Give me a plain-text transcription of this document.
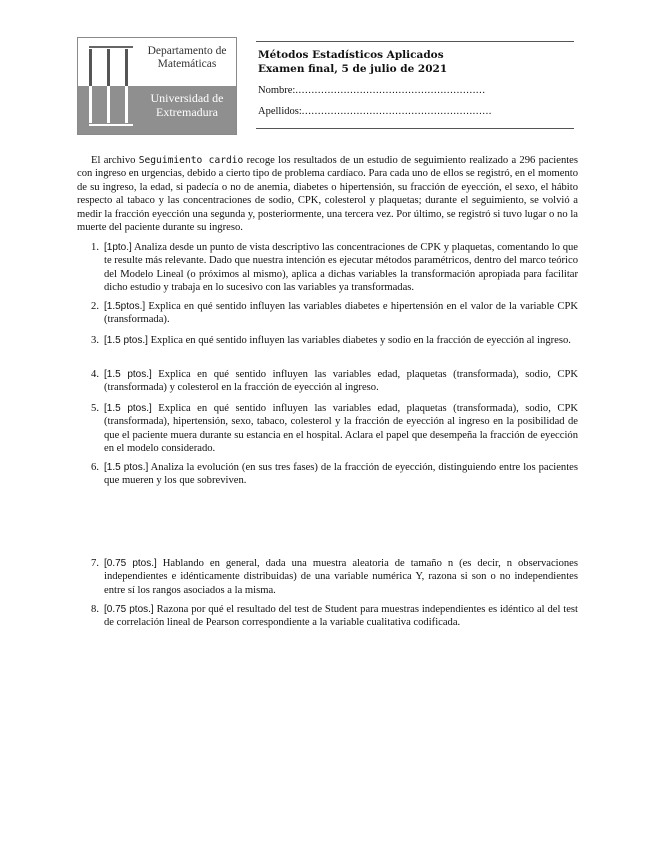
Departamento de Matemáticas
Universidad de Extremadura
Métodos Estadísticos Aplicados
Examen final, 5 de julio de 2021
Nombre:...........................................................
Apellidos:...........................................................
El archivo Seguimiento cardio recoge los resultados de un estudio de seguimiento realizado a 296 pacientes con ingreso en urgencias, debido a cierto tipo de problema cardíaco. Para cada uno de ellos se registró, en el momento de su ingreso, la edad, si padecía o no de anemia, diabetes o hipertensión, su fracción de eyección, el sexo, el hábito respecto al tabaco y las concentraciones de sodio, CPK, colesterol y plaquetas; durante el seguimiento, se volvió a medir la fracción eyección una segunda y, posteriormente, una tercera vez. Por último, se registró si tuvo lugar o no la muerte del paciente durante su ingreso.
1. [1pto.] Analiza desde un punto de vista descriptivo las concentraciones de CPK y plaquetas, comentando lo que te resulte más relevante. Dado que nuestra intención es ejecutar métodos paramétricos, dentro del marco teórico del Modelo Lineal (o próximos al mismo), aplica a dichas variables la transformación apropiada para facilitar dicho estudio y trabaja en lo sucesivo con las variables ya transformadas.
2. [1.5ptos.] Explica en qué sentido influyen las variables diabetes e hipertensión en el valor de la variable CPK (transformada).
3. [1.5 ptos.] Explica en qué sentido influyen las variables diabetes y sodio en la fracción de eyección al ingreso.
4. [1.5 ptos.] Explica en qué sentido influyen las variables edad, plaquetas (transformada), sodio, CPK (transformada) y colesterol en la fracción de eyección al ingreso.
5. [1.5 ptos.] Explica en qué sentido influyen las variables edad, plaquetas (transformada), sodio, CPK (transformada), hipertensión, sexo, tabaco, colesterol y la fracción de eyección al ingreso en la posibilidad de que el paciente muera durante su estancia en el hospital. Aclara el papel que desempeña la fracción de eyección en el modelo considerado.
6. [1.5 ptos.] Analiza la evolución (en sus tres fases) de la fracción de eyección, distinguiendo entre los pacientes que mueren y los que sobreviven.
7. [0.75 ptos.] Hablando en general, dada una muestra aleatoria de tamaño n (es decir, n observaciones independientes e idénticamente distribuidas) de una variable numérica Y, razona si son o no independientes entre sí los rangos asociados a la misma.
8. [0.75 ptos.] Razona por qué el resultado del test de Student para muestras independientes es idéntico al del test de correlación lineal de Pearson correspondiente a la variable cualitativa codificada.
